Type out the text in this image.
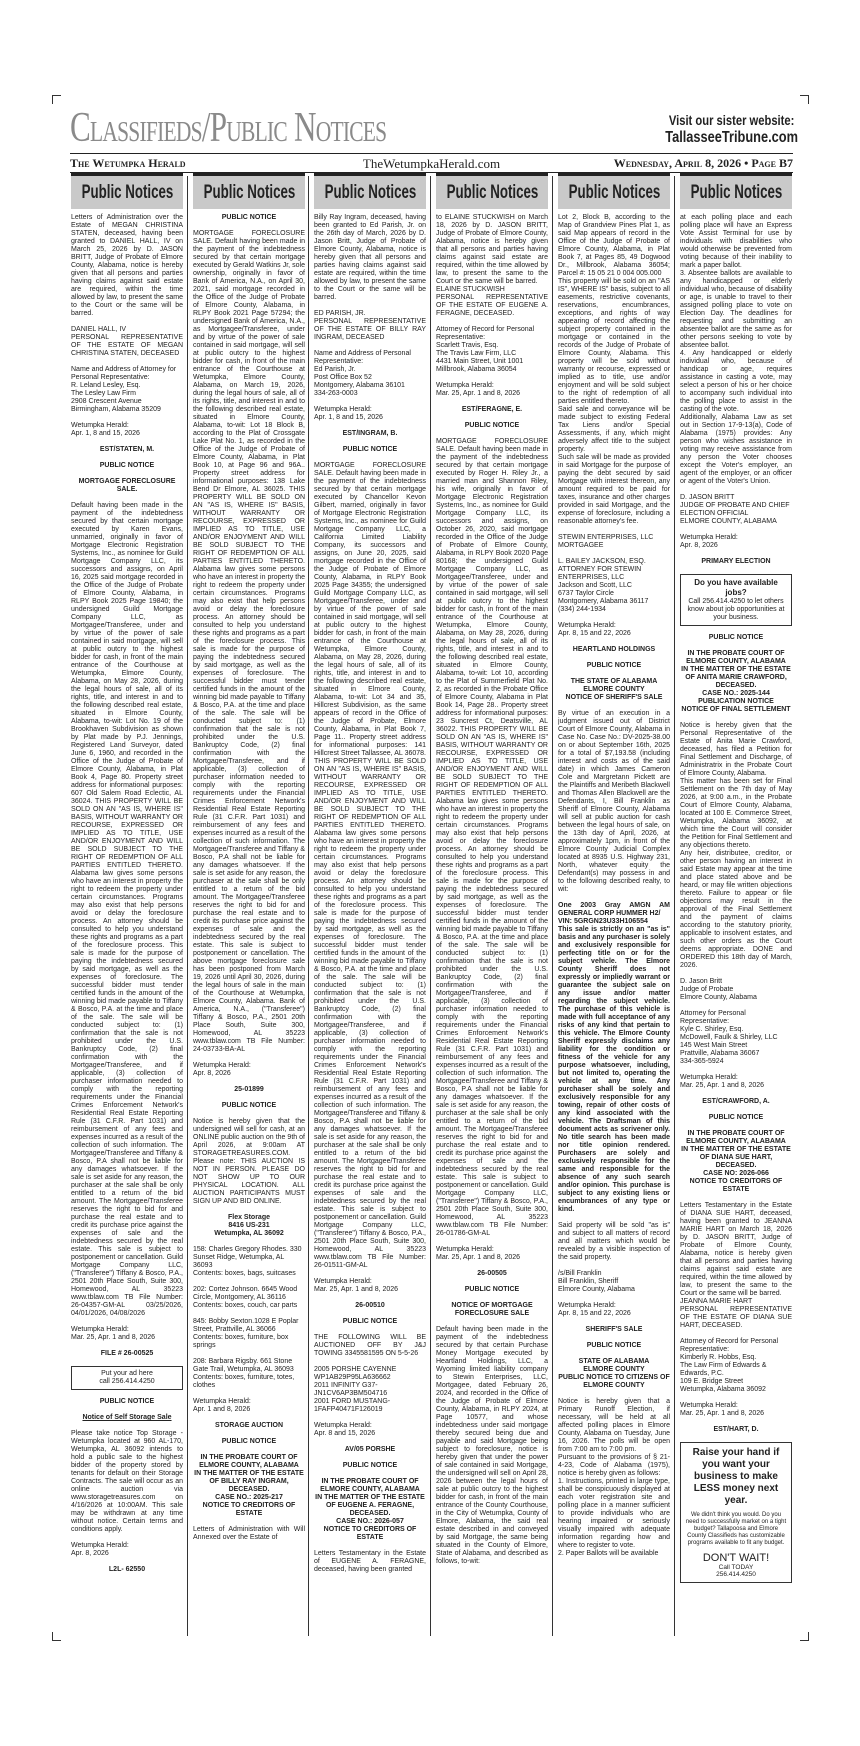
Classifieds/Public Notices	Visit our sister website:
TallasseeTribune.com
The Wetumpka Herald	TheWetumpkaHerald.com	Wednesday, April 8, 2026 • Page B7
Public Notices
Letters of Administration over the Estate of MEGAN CHRISTINA STATEN, deceased, having been granted to DANIEL HALL, IV on March 25, 2026 by D. JASON BRITT, Judge of Probate of Elmore County, Alabama, notice is hereby given that all persons and parties having claims against said estate are required, within the time allowed by law, to present the same to the Court or the same will be barred.
DANIEL HALL, IV
PERSONAL REPRESENTATIVE OF THE ESTATE OF MEGAN CHRISTINA STATEN, DECEASED
Name and Address of Attorney for Personal Representative:
R. Leland Lesley, Esq.
The Lesley Law Firm
2908 Crescent Avenue
Birmingham, Alabama 35209
Wetumpka Herald:
Apr. 1, 8 and 15, 2026
EST/STATEN, M.
PUBLIC NOTICE
MORTGAGE FORECLOSURE SALE.
Default having been made in the payment of the indebtedness secured by that certain mortgage executed by Karen Evans, unmarried, originally in favor of Mortgage Electronic Registration Systems, Inc., as nominee for Guild Mortgage Company LLC, its successors and assigns, on April 16, 2025 said mortgage recorded in the Office of the Judge of Probate of Elmore County, Alabama, in RLPY Book 2025 Page 19840; the undersigned Guild Mortgage Company LLC, as Mortgagee/Transferee, under and by virtue of the power of sale contained in said mortgage, will sell at public outcry to the highest bidder for cash, in front of the main entrance of the Courthouse at Wetumpka, Elmore County, Alabama, on May 28, 2026, during the legal hours of sale, all of its rights, title, and interest in and to the following described real estate, situated in Elmore County, Alabama, to-wit: Lot No. 19 of the Brookhaven Subdivision as shown by Plat made by P.J. Jennings, Registered Land Surveyor, dated June 6, 1960, and recorded in the Office of the Judge of Probate of Elmore County, Alabama, in Plat Book 4, Page 80. Property street address for informational purposes: 607 Old Salem Road Eclectic, AL 36024. THIS PROPERTY WILL BE SOLD ON AN "AS IS, WHERE IS" BASIS, WITHOUT WARRANTY OR RECOURSE, EXPRESSED OR IMPLIED AS TO TITLE, USE AND/OR ENJOYMENT AND WILL BE SOLD SUBJECT TO THE RIGHT OF REDEMPTION OF ALL PARTIES ENTITLED THERETO. Alabama law gives some persons who have an interest in property the right to redeem the property under certain circumstances. Programs may also exist that help persons avoid or delay the foreclosure process. An attorney should be consulted to help you understand these rights and programs as a part of the foreclosure process. This sale is made for the purpose of paying the indebtedness secured by said mortgage, as well as the expenses of foreclosure. The successful bidder must tender certified funds in the amount of the winning bid made payable to Tiffany & Bosco, P.A. at the time and place of the sale. The sale will be conducted subject to: (1) confirmation that the sale is not prohibited under the U.S. Bankruptcy Code, (2) final confirmation with the Mortgagee/Transferee, and if applicable, (3) collection of purchaser information needed to comply with the reporting requirements under the Financial Crimes Enforcement Network's Residential Real Estate Reporting Rule (31 C.F.R. Part 1031) and reimbursement of any fees and expenses incurred as a result of the collection of such information. The Mortgagee/Transferee and Tiffany & Bosco, P.A shall not be liable for any damages whatsoever. If the sale is set aside for any reason, the purchaser at the sale shall be only entitled to a return of the bid amount. The Mortgagee/Transferee reserves the right to bid for and purchase the real estate and to credit its purchase price against the expenses of sale and the indebtedness secured by the real estate. This sale is subject to postponement or cancellation. Guild Mortgage Company LLC, ("Transferee") Tiffany & Bosco, P.A., 2501 20th Place South, Suite 300, Homewood, AL 35223 www.tblaw.com TB File Number: 26-04357-GM-AL 03/25/2026, 04/01/2026, 04/08/2026
Wetumpka Herald:
Mar. 25, Apr. 1 and 8, 2026
FILE # 26-00525
Put your ad here
call 256.414.4250
PUBLIC NOTICE
Notice of Self Storage Sale
Please take notice Top Storage - Wetumpka located at 960 AL-170, Wetumpka, AL 36092 intends to hold a public sale to the highest bidder of the property stored by tenants for default on their Storage Contracts. The sale will occur as an online auction via www.storagetreasures.com on 4/16/2026 at 10:00AM. This sale may be withdrawn at any time without notice. Certain terms and conditions apply.
Wetumpka Herald:
Apr. 8, 2026
L2L- 62550
Public Notices
PUBLIC NOTICE
MORTGAGE FORECLOSURE SALE. Default having been made in the payment of the indebtedness secured by that certain mortgage executed by Gerald Watkins Jr, sole ownership, originally in favor of Bank of America, N.A., on April 30, 2021, said mortgage recorded in the Office of the Judge of Probate of Elmore County, Alabama, in RLPY Book 2021 Page 57294; the undersigned Bank of America, N.A., as Mortgagee/Transferee, under and by virtue of the power of sale contained in said mortgage, will sell at public outcry to the highest bidder for cash, in front of the main entrance of the Courthouse at Wetumpka, Elmore County, Alabama, on March 19, 2026, during the legal hours of sale, all of its rights, title, and interest in and to the following described real estate, situated in Elmore County, Alabama, to-wit: Lot 18 Block B, according to the Plat of Crossgate Lake Plat No. 1, as recorded in the Office of the Judge of Probate of Elmore County, Alabama, in Plat Book 10, at Page 96 and 96A.. Property street address for informational purposes: 138 Lake Bend Dr Elmore, AL 36025. THIS PROPERTY WILL BE SOLD ON AN "AS IS, WHERE IS" BASIS, WITHOUT WARRANTY OR RECOURSE, EXPRESSED OR IMPLIED AS TO TITLE, USE AND/OR ENJOYMENT AND WILL BE SOLD SUBJECT TO THE RIGHT OF REDEMPTION OF ALL PARTIES ENTITLED THERETO. Alabama law gives some persons who have an interest in property the right to redeem the property under certain circumstances. Programs may also exist that help persons avoid or delay the foreclosure process. An attorney should be consulted to help you understand these rights and programs as a part of the foreclosure process. This sale is made for the purpose of paying the indebtedness secured by said mortgage, as well as the expenses of foreclosure. The successful bidder must tender certified funds in the amount of the winning bid made payable to Tiffany & Bosco, P.A. at the time and place of the sale. The sale will be conducted subject to: (1) confirmation that the sale is not prohibited under the U.S. Bankruptcy Code, (2) final confirmation with the Mortgagee/Transferee, and if applicable, (3) collection of purchaser information needed to comply with the reporting requirements under the Financial Crimes Enforcement Network's Residential Real Estate Reporting Rule (31 C.F.R. Part 1031) and reimbursement of any fees and expenses incurred as a result of the collection of such information. The Mortgagee/Transferee and Tiffany & Bosco, P.A shall not be liable for any damages whatsoever. If the sale is set aside for any reason, the purchaser at the sale shall be only entitled to a return of the bid amount. The Mortgagee/Transferee reserves the right to bid for and purchase the real estate and to credit its purchase price against the expenses of sale and the indebtedness secured by the real estate. This sale is subject to postponement or cancellation. The above mortgage foreclosure sale has been postponed from March 19, 2026 until April 30, 2026, during the legal hours of sale in the main of the Courthouse at Wetumpka, Elmore County, Alabama. Bank of America, N.A., ("Transferee") Tiffany & Bosco, P.A., 2501 20th Place South, Suite 300, Homewood, AL 35223 www.tblaw.com TB File Number: 24-03733-BA-AL
Wetumpka Herald:
Apr. 8, 2026
25-01899
PUBLIC NOTICE
Notice is hereby given that the undersigned will sell for cash, at an ONLINE public auction on the 9th of April 2026, at 9:00am AT STORAGETREASURES.COM. Please note: THIS AUCTION IS NOT IN PERSON. PLEASE DO NOT SHOW UP TO OUR PHYSICAL LOCATION. ALL AUCTION PARTICIPANTS MUST SIGN UP AND BID ONLINE.
Flex Storage
8416 US-231
Wetumpka, AL 36092
158: Charles Gregory Rhodes. 330 Sunset Ridge, Wetumpka, AL 36093
Contents: boxes, bags, suitcases
202: Cortez Johnson. 6645 Wood Circle, Montgomery, AL 36116
Contents: boxes, couch, car parts
845: Bobby Sexton.1028 E Poplar Street, Prattville, AL 36066
Contents: boxes, furniture, box springs
208: Barbara Rigsby. 661 Stone Gate Trail, Wetumpka, AL 36093
Contents: boxes, furniture, totes, clothes
Wetumpka Herald:
Apr. 1 and 8, 2026
STORAGE AUCTION
PUBLIC NOTICE
IN THE PROBATE COURT OF ELMORE COUNTY, ALABAMA
IN THE MATTER OF THE ESTATE OF BILLY RAY INGRAM, DECEASED.
CASE NO.: 2025-217
NOTICE TO CREDITORS OF ESTATE
Letters of Administration with Will Annexed over the Estate of
Public Notices
Billy Ray Ingram, deceased, having been granted to Ed Parish, Jr. on the 26th day of March, 2026 by D. Jason Britt, Judge of Probate of Elmore County, Alabama, notice is hereby given that all persons and parties having claims against said estate are required, within the time allowed by law, to present the same to the Court or the same will be barred.
ED PARISH, JR.
PERSONAL REPRESENTATIVE OF THE ESTATE OF BILLY RAY INGRAM, DECEASED
Name and Address of Personal Representative:
Ed Parish, Jr.
Post Office Box 52
Montgomery, Alabama 36101
334-263-0003
Wetumpka Herald:
Apr. 1, 8 and 15, 2026
EST/INGRAM, B.
PUBLIC NOTICE
MORTGAGE FORECLOSURE SALE. Default having been made in the payment of the indebtedness secured by that certain mortgage executed by Chancellor Kevon Gilbert, married, originally in favor of Mortgage Electronic Registration Systems, Inc., as nominee for Guild Mortgage Company LLC, a California Limited Liability Company, its successors and assigns, on June 20, 2025, said mortgage recorded in the Office of the Judge of Probate of Elmore County, Alabama, in RLPY Book 2025 Page 34355; the undersigned Guild Mortgage Company LLC, as Mortgagee/Transferee, under and by virtue of the power of sale contained in said mortgage, will sell at public outcry to the highest bidder for cash, in front of the main entrance of the Courthouse at Wetumpka, Elmore County, Alabama, on May 28, 2026, during the legal hours of sale, all of its rights, title, and interest in and to the following described real estate, situated in Elmore County, Alabama, to-wit: Lot 34 and 35, Hillcrest Subdivision, as the same appears of record in the Office of the Judge of Probate, Elmore County, Alabama, in Plat Book 7, Page 11.. Property street address for informational purposes: 141 Hillcrest Street Tallassee, AL 36078. THIS PROPERTY WILL BE SOLD ON AN "AS IS, WHERE IS" BASIS, WITHOUT WARRANTY OR RECOURSE, EXPRESSED OR IMPLIED AS TO TITLE, USE AND/OR ENJOYMENT AND WILL BE SOLD SUBJECT TO THE RIGHT OF REDEMPTION OF ALL PARTIES ENTITLED THERETO. Alabama law gives some persons who have an interest in property the right to redeem the property under certain circumstances. Programs may also exist that help persons avoid or delay the foreclosure process. An attorney should be consulted to help you understand these rights and programs as a part of the foreclosure process. This sale is made for the purpose of paying the indebtedness secured by said mortgage, as well as the expenses of foreclosure. The successful bidder must tender certified funds in the amount of the winning bid made payable to Tiffany & Bosco, P.A. at the time and place of the sale. The sale will be conducted subject to: (1) confirmation that the sale is not prohibited under the U.S. Bankruptcy Code, (2) final confirmation with the Mortgagee/Transferee, and if applicable, (3) collection of purchaser information needed to comply with the reporting requirements under the Financial Crimes Enforcement Network's Residential Real Estate Reporting Rule (31 C.F.R. Part 1031) and reimbursement of any fees and expenses incurred as a result of the collection of such information. The Mortgagee/Transferee and Tiffany & Bosco, P.A shall not be liable for any damages whatsoever. If the sale is set aside for any reason, the purchaser at the sale shall be only entitled to a return of the bid amount. The Mortgagee/Transferee reserves the right to bid for and purchase the real estate and to credit its purchase price against the expenses of sale and the indebtedness secured by the real estate. This sale is subject to postponement or cancellation. Guild Mortgage Company LLC, ("Transferee") Tiffany & Bosco, P.A., 2501 20th Place South, Suite 300, Homewood, AL 35223 www.tblaw.com TB File Number: 26-01511-GM-AL
Wetumpka Herald:
Mar. 25, Apr. 1 and 8, 2026
26-00510
PUBLIC NOTICE
THE FOLLOWING WILL BE AUCTIONED OFF BY J&J TOWING 3345581595 ON 5-5-26
2005 PORSHE CAYENNE WP1AB29P95LA636662
2011 INFINITY G37-JN1CV6AP3BM504716
2001 FORD MUSTANG-1FAFP40471F126019
Wetumpka Herald:
Apr. 8 and 15, 2026
AV/05 PORSHE
PUBLIC NOTICE
IN THE PROBATE COURT OF ELMORE COUNTY, ALABAMA
IN THE MATTER OF THE ESTATE OF EUGENE A. FERAGNE, DECEASED.
CASE NO.: 2026-057
NOTICE TO CREDITORS OF ESTATE
Letters Testamentary in the Estate of EUGENE A. FERAGNE, deceased, having been granted
Public Notices
to ELAINE STUCKWISH on March 18, 2026 by D. JASON BRITT, Judge of Probate of Elmore County, Alabama, notice is hereby given that all persons and parties having claims against said estate are required, within the time allowed by law, to present the same to the Court or the same will be barred.
ELAINE STUCKWISH
PERSONAL REPRESENTATIVE OF THE ESTATE OF EUGENE A. FERAGNE, DECEASED.
Attorney of Record for Personal Representative:
Scarlett Travis, Esq.
The Travis Law Firm, LLC
4431 Main Street, Unit 1001
Millbrook, Alabama 36054
Wetumpka Herald:
Mar. 25, Apr. 1 and 8, 2026
EST/FERAGNE, E.
PUBLIC NOTICE
MORTGAGE FORECLOSURE SALE. Default having been made in the payment of the indebtedness secured by that certain mortgage executed by Roger H. Riley Jr., a married man and Shannon Riley, his wife, originally in favor of Mortgage Electronic Registration Systems, Inc., as nominee for Guild Mortgage Company LLC, its successors and assigns, on October 26, 2020, said mortgage recorded in the Office of the Judge of Probate of Elmore County, Alabama, in RLPY Book 2020 Page 80168; the undersigned Guild Mortgage Company LLC, as Mortgagee/Transferee, under and by virtue of the power of sale contained in said mortgage, will sell at public outcry to the highest bidder for cash, in front of the main entrance of the Courthouse at Wetumpka, Elmore County, Alabama, on May 28, 2026, during the legal hours of sale, all of its rights, title, and interest in and to the following described real estate, situated in Elmore County, Alabama, to-wit: Lot 10, according to the Plat of Summerfield Plat No. 2, as recorded in the Probate Office of Elmore County, Alabama in Plat Book 14, Page 28.. Property street address for informational purposes: 23 Suncrest Ct, Deatsville, AL 36022. THIS PROPERTY WILL BE SOLD ON AN "AS IS, WHERE IS" BASIS, WITHOUT WARRANTY OR RECOURSE, EXPRESSED OR IMPLIED AS TO TITLE, USE AND/OR ENJOYMENT AND WILL BE SOLD SUBJECT TO THE RIGHT OF REDEMPTION OF ALL PARTIES ENTITLED THERETO. Alabama law gives some persons who have an interest in property the right to redeem the property under certain circumstances. Programs may also exist that help persons avoid or delay the foreclosure process. An attorney should be consulted to help you understand these rights and programs as a part of the foreclosure process. This sale is made for the purpose of paying the indebtedness secured by said mortgage, as well as the expenses of foreclosure. The successful bidder must tender certified funds in the amount of the winning bid made payable to Tiffany & Bosco, P.A. at the time and place of the sale. The sale will be conducted subject to: (1) confirmation that the sale is not prohibited under the U.S. Bankruptcy Code, (2) final confirmation with the Mortgagee/Transferee, and if applicable, (3) collection of purchaser information needed to comply with the reporting requirements under the Financial Crimes Enforcement Network's Residential Real Estate Reporting Rule (31 C.F.R. Part 1031) and reimbursement of any fees and expenses incurred as a result of the collection of such information. The Mortgagee/Transferee and Tiffany & Bosco, P.A shall not be liable for any damages whatsoever. If the sale is set aside for any reason, the purchaser at the sale shall be only entitled to a return of the bid amount. The Mortgagee/Transferee reserves the right to bid for and purchase the real estate and to credit its purchase price against the expenses of sale and the indebtedness secured by the real estate. This sale is subject to postponement or cancellation. Guild Mortgage Company LLC, ("Transferee") Tiffany & Bosco, P.A., 2501 20th Place South, Suite 300, Homewood, AL 35223 www.tblaw.com TB File Number: 26-01786-GM-AL
Wetumpka Herald:
Mar. 25, Apr. 1 and 8, 2026
26-00505
PUBLIC NOTICE
NOTICE OF MORTGAGE FORECLOSURE SALE
Default having been made in the payment of the indebtedness secured by that certain Purchase Money Mortgage executed by Heartland Holdings, LLC, a Wyoming limited liability company to Stewin Enterprises, LLC, Mortgagee, dated February 26, 2024, and recorded in the Office of the Judge of Probate of Elmore County, Alabama, in RLPY 2024, at Page 10577, and whose indebtedness under said mortgage thereby secured being due and payable and said Mortgage being subject to foreclosure, notice is hereby given that under the power of sale contained in said Mortgage, the undersigned will sell on April 28, 2026 between the legal hours of sale at public outcry to the highest bidder for cash, in front of the main entrance of the County Courthouse, in the City of Wetumpka, County of Elmore, Alabama, the said real estate described in and conveyed by said Mortgage, the same being situated in the County of Elmore, State of Alabama, and described as follows, to-wit:
Public Notices
Lot 2, Block B, according to the Map of Grandview Pines Plat 1, as said Map appears of record in the Office of the Judge of Probate of Elmore County, Alabama, in Plat Book 7, at Pages 85, 49 Dogwood Dr., Millbrook, Alabama 36054; Parcel #: 15 05 21 0 004 005.000
This property will be sold on an "AS IS", WHERE IS" basis, subject to all easements, restrictive covenants, reservations, encumbrances, exceptions, and rights of way appearing of record affecting the subject property contained in the mortgage or contained in the records of the Judge of Probate of Elmore County, Alabama. This property will be sold without warranty or recourse, expressed or implied as to title, use and/or enjoyment and will be sold subject to the right of redemption of all parties entitled thereto.
Said sale and conveyance will be made subject to existing Federal Tax Liens and/or Special Assessments, if any, which might adversely affect title to the subject property.
Such sale will be made as provided in said Mortgage for the purpose of paying the debt secured by said Mortgage with interest thereon, any amount required to be paid for taxes, insurance and other charges provided in said Mortgage, and the expense of foreclosure, including a reasonable attorney's fee.
STEWIN ENTERPRISES, LLC
MORTGAGEE
L. BAILEY JACKSON, ESQ.
ATTORNEY FOR STEWIN ENTERPRISES, LLC
Jackson and Scott, LLC
6737 Taylor Circle
Montgomery, Alabama 36117
(334) 244-1934
Wetumpka Herald:
Apr. 8, 15 and 22, 2026
HEARTLAND HOLDINGS
PUBLIC NOTICE
THE STATE OF ALABAMA
ELMORE COUNTY
NOTICE OF SHERIFF'S SALE
By virtue of an execution in a judgment issued out of District Court of Elmore County, Alabama in Case No. Case No.: DV-2025-38.00 on or about September 16th, 2025 for a total of $7,193.58 (including interest and costs as of the said date) in which James Cameron Cole and Margretann Pickett are the Plaintiffs and Meribeth Blackwell and Thomas Allen Blackwell are the Defendants, I, Bill Franklin as Sheriff of Elmore County, Alabama will sell at public auction for cash between the legal hours of sale, on the 13th day of April, 2026, at approximately 1pm, in front of the Elmore County Judicial Complex located at 8935 U.S. Highway 231, North, whatever equity the Defendant(s) may possess in and to the following described realty, to wit:
One 2003 Gray AMGN AM GENERAL CORP HUMMER H2/
VIN: 5GRGN23U33H106554
This sale is strictly on an "as is" basis and any purchaser is solely and exclusively responsible for perfecting title on or for the subject vehicle. The Elmore County Sheriff does not expressly or impliedly warrant or guarantee the subject sale on any issue and/or matter regarding the subject vehicle. The purchase of this vehicle is made with full acceptance of any risks of any kind that pertain to this vehicle. The Elmore County Sheriff expressly disclaims any liability for the condition or fitness of the vehicle for any purpose whatsoever, including, but not limited to, operating the vehicle at any time. Any purchaser shall be solely and exclusively responsible for any towing, repair of other costs of any kind associated with the vehicle. The Draftsman of this document acts as scrivener only. No title search has been made nor title opinion rendered. Purchasers are solely and exclusively responsible for the same and responsible for the absence of any such search and/or opinion. This purchase is subject to any existing liens or encumbrances of any type or kind.
Said property will be sold "as is" and subject to all matters of record and all matters which would be revealed by a visible inspection of the said property.
/s/Bill Franklin
Bill Franklin, Sheriff
Elmore County, Alabama
Wetumpka Herald:
Apr. 8, 15 and 22, 2026
SHERIFF'S SALE
PUBLIC NOTICE
STATE OF ALABAMA
ELMORE COUNTY
PUBLIC NOTICE TO CITIZENS OF ELMORE COUNTY
Notice is hereby given that a Primary Runoff Election, if necessary, will be held at all affected polling places in Elmore County, Alabama on Tuesday, June 16, 2026. The polls will be open from 7:00 am to 7:00 pm.
Pursuant to the provisions of § 21-4-23, Code of Alabama (1975), notice is hereby given as follows:
1. Instructions, printed in large type, shall be conspicuously displayed at each voter registration site and polling place in a manner sufficient to provide individuals who are hearing impaired or seriously visually impaired with adequate information regarding how and where to register to vote.
2. Paper Ballots will be available
Public Notices
at each polling place and each polling place will have an Express Vote Assist Terminal for use by individuals with disabilities who would otherwise be prevented from voting because of their inability to mark a paper ballot.
3. Absentee ballots are available to any handicapped or elderly individual who, because of disability or age, is unable to travel to their assigned polling place to vote on Election Day. The deadlines for requesting and submitting an absentee ballot are the same as for other persons seeking to vote by absentee ballot.
4. Any handicapped or elderly individual who, because of handicap or age, requires assistance in casting a vote, may select a person of his or her choice to accompany such individual into the polling place to assist in the casting of the vote.
Additionally, Alabama Law as set out in Section 17-9-13(a), Code of Alabama (1975) provides: Any person who wishes assistance in voting may receive assistance from any person the Voter chooses except the Voter's employer, an agent of the employer, or an officer or agent of the Voter's Union.
D. JASON BRITT
JUDGE OF PROBATE AND CHIEF ELECTION OFFICIAL
ELMORE COUNTY, ALABAMA
Wetumpka Herald:
Apr. 8, 2026
PRIMARY ELECTION
Do you have available jobs?
Call 256.414.4250 to let others know about job opportunities at your business.
PUBLIC NOTICE
IN THE PROBATE COURT OF ELMORE COUNTY, ALABAMA
IN THE MATTER OF THE ESTATE OF ANITA MARIE CRAWFORD, DECEASED.
CASE NO.: 2025-144
PUBLICATION NOTICE
NOTICE OF FINAL SETTLEMENT
Notice is hereby given that the Personal Representative of the Estate of Anita Marie Crawford, deceased, has filed a Petition for Final Settlement and Discharge, of Administratrix in the Probate Court of Elmore County, Alabama.
This matter has been set for Final Settlement on the 7th day of May 2026, at 9:00 a.m., in the Probate Court of Elmore County, Alabama, located at 100 E. Commerce Street, Wetumpka, Alabama 36092, at which time the Court will consider the Petition for Final Settlement and any objections thereto.
Any heir, distributee, creditor, or other person having an interest in said Estate may appear at the time and place stated above and be heard, or may file written objections thereto. Failure to appear or file objections may result in the approval of the Final Settlement and the payment of claims according to the statutory priority, applicable to insolvent estates, and such other orders as the Court deems appropriate. DONE and ORDERED this 18th day of March, 2026.
D. Jason Britt
Judge of Probate
Elmore County, Alabama
Attorney for Personal Representative:
Kyle C. Shirley, Esq.
McDowell, Faulk & Shirley, LLC
145 West Main Street
Prattville, Alabama 36067
334-365-5924
Wetumpka Herald:
Mar. 25, Apr. 1 and 8, 2026
EST/CRAWFORD, A.
PUBLIC NOTICE
IN THE PROBATE COURT OF ELMORE COUNTY, ALABAMA
IN THE MATTER OF THE ESTATE OF DIANA SUE HART, DECEASED.
CASE NO: 2026-066
NOTICE TO CREDITORS OF ESTATE
Letters Testamentary in the Estate of DIANA SUE HART, deceased, having been granted to JEANNA MARIE HART on March 18, 2026 by D. JASON BRITT, Judge of Probate of Elmore County, Alabama, notice is hereby given that all persons and parties having claims against said estate are required, within the time allowed by law, to present the same to the Court or the same will be barred.
JEANNA MARIE HART
PERSONAL REPRESENTATIVE OF THE ESTATE OF DIANA SUE HART, DECEASED.
Attorney of Record for Personal Representative:
Kimberly R. Hobbs, Esq.
The Law Firm of Edwards & Edwards, P.C.
109 E. Bridge Street
Wetumpka, Alabama 36092
Wetumpka Herald:
Mar. 25, Apr. 1 and 8, 2026
EST/HART, D.
Raise your hand if you want your business to make LESS money next year.
We didn't think you would. Do you need to successfully market on a tight budget? Tallapoosa and Elmore County Classifieds has customizable programs available to fit any budget.
DON'T WAIT!
Call TODAY
256.414.4250
